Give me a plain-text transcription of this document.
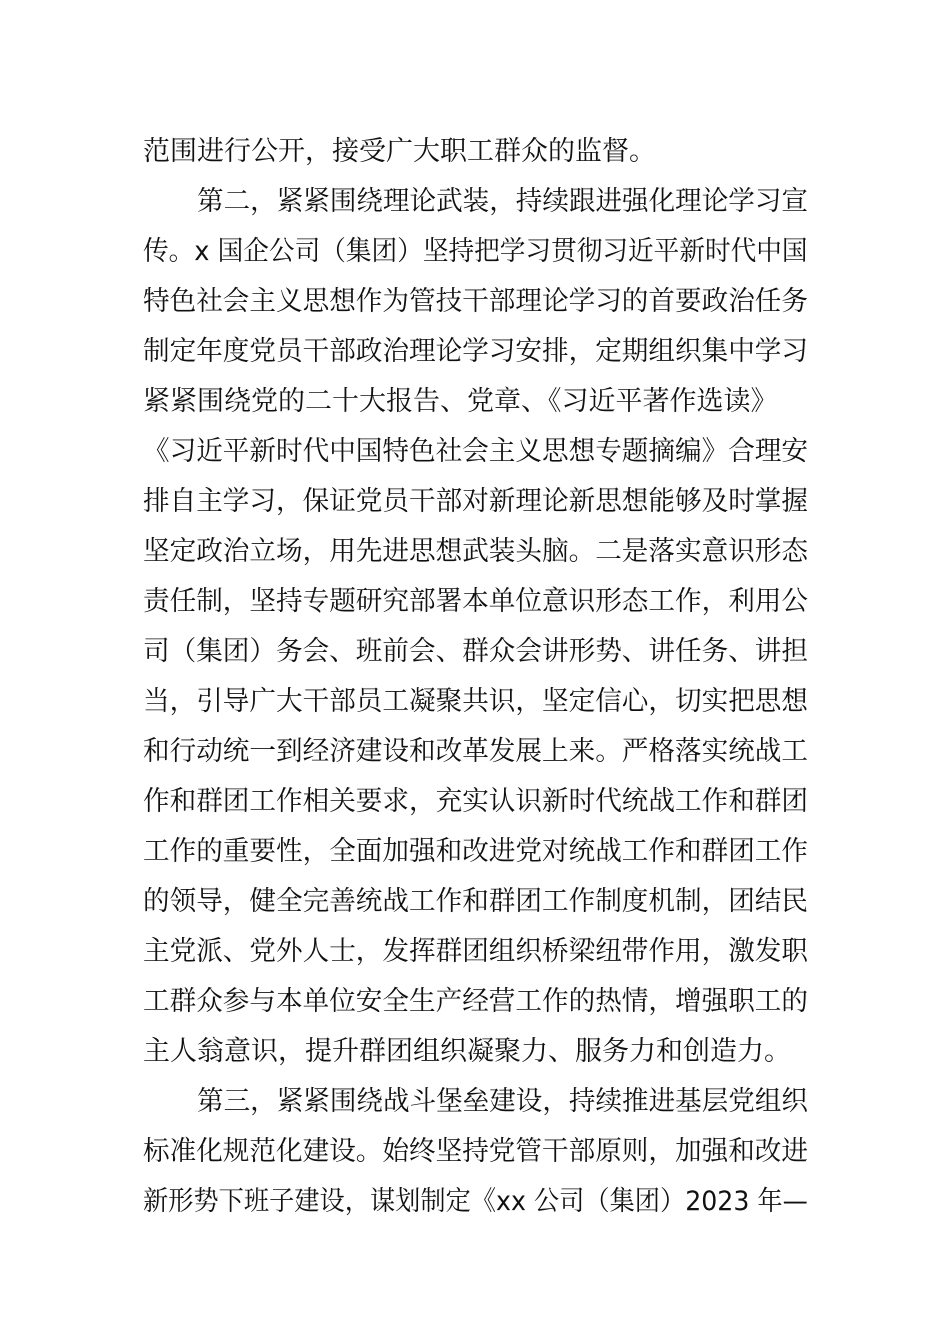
范围进行公开，接受广大职工群众的监督。
第二，紧紧围绕理论武装，持续跟进强化理论学习宣
传。x 国企公司（集团）坚持把学习贯彻习近平新时代中国
特色社会主义思想作为管技干部理论学习的首要政治任务
制定年度党员干部政治理论学习安排，定期组织集中学习
紧紧围绕党的二十大报告、党章、《习近平著作选读》
《习近平新时代中国特色社会主义思想专题摘编》合理安
排自主学习，保证党员干部对新理论新思想能够及时掌握
坚定政治立场，用先进思想武装头脑。二是落实意识形态
责任制，坚持专题研究部署本单位意识形态工作，利用公
司（集团）务会、班前会、群众会讲形势、讲任务、讲担
当，引导广大干部员工凝聚共识，坚定信心，切实把思想
和行动统一到经济建设和改革发展上来。严格落实统战工
作和群团工作相关要求，充实认识新时代统战工作和群团
工作的重要性，全面加强和改进党对统战工作和群团工作
的领导，健全完善统战工作和群团工作制度机制，团结民
主党派、党外人士，发挥群团组织桥梁纽带作用，激发职
工群众参与本单位安全生产经营工作的热情，增强职工的
主人翁意识，提升群团组织凝聚力、服务力和创造力。
第三，紧紧围绕战斗堡垒建设，持续推进基层党组织
标准化规范化建设。始终坚持党管干部原则，加强和改进
新形势下班子建设，谋划制定《xx 公司（集团）2023 年—
